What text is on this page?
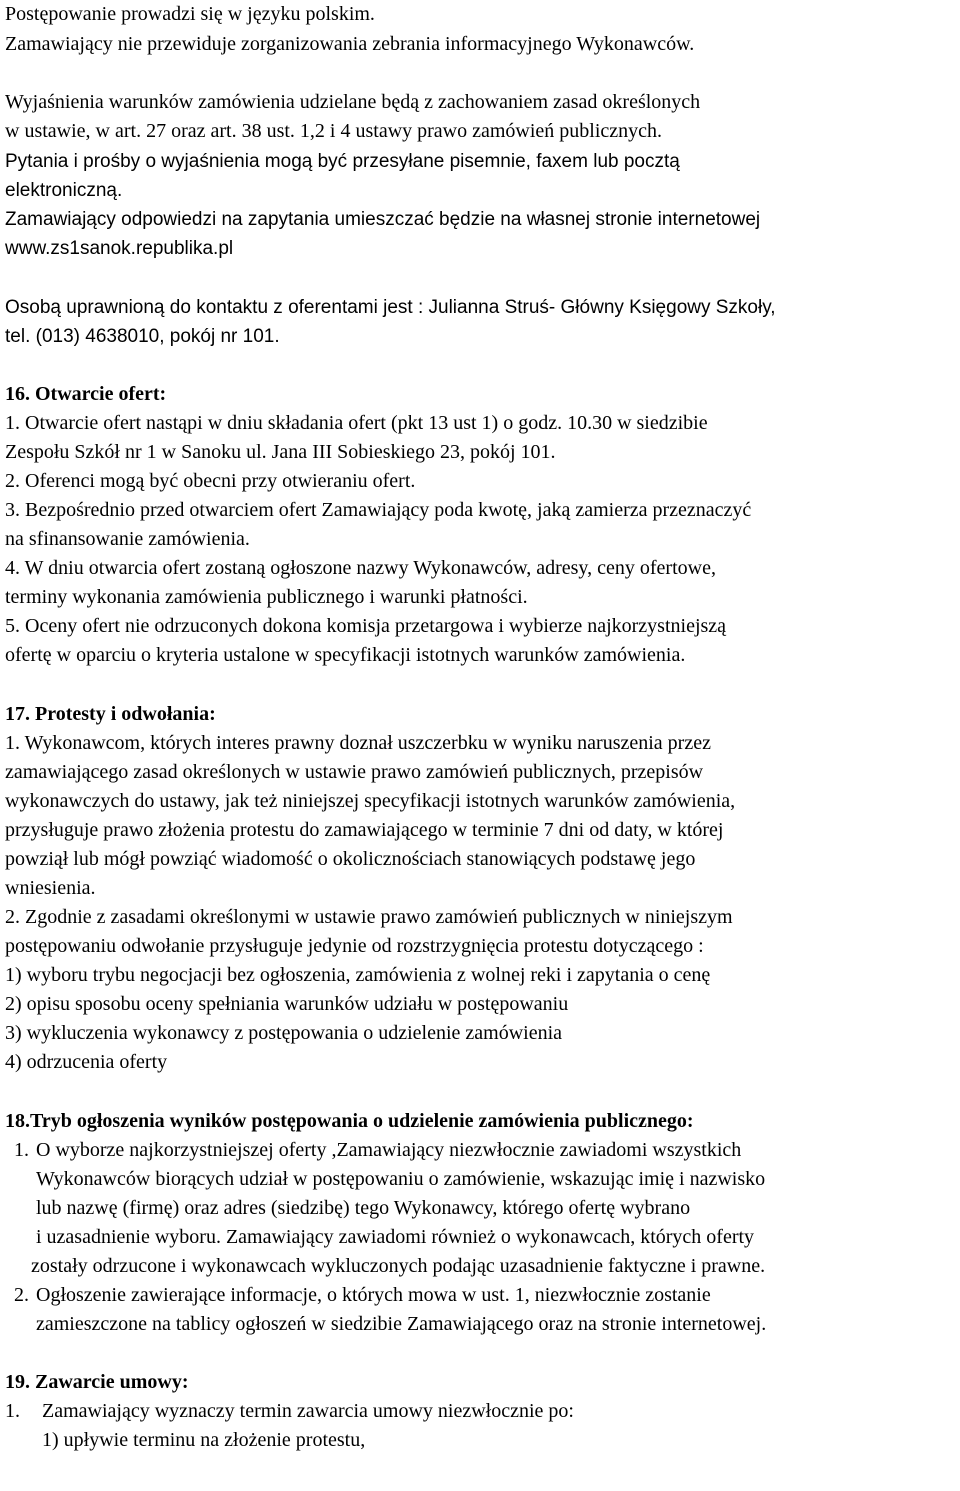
Postępowanie prowadzi się w języku polskim.
Zamawiający nie przewiduje zorganizowania zebrania informacyjnego Wykonawców.
Wyjaśnienia warunków zamówienia udzielane będą z zachowaniem zasad określonych
w ustawie, w art. 27 oraz art. 38 ust. 1,2 i 4 ustawy prawo zamówień publicznych.
Pytania i prośby o wyjaśnienia mogą być przesyłane pisemnie, faxem lub pocztą
elektroniczną.
Zamawiający odpowiedzi na zapytania umieszczać będzie na własnej stronie internetowej
www.zs1sanok.republika.pl
Osobą uprawnioną do kontaktu z oferentami jest : Julianna Struś- Główny Księgowy Szkoły,
tel. (013) 4638010, pokój nr 101.
16. Otwarcie ofert:
1. Otwarcie ofert nastąpi w dniu składania ofert (pkt 13 ust 1) o godz. 10.30 w siedzibie
Zespołu Szkół nr 1 w Sanoku ul. Jana III Sobieskiego 23, pokój 101.
2. Oferenci mogą być obecni przy otwieraniu ofert.
3. Bezpośrednio przed otwarciem ofert Zamawiający poda kwotę, jaką zamierza przeznaczyć
na sfinansowanie zamówienia.
4. W dniu otwarcia ofert zostaną ogłoszone nazwy Wykonawców, adresy, ceny ofertowe,
terminy wykonania zamówienia publicznego i warunki płatności.
5. Oceny ofert nie odrzuconych dokona komisja przetargowa i wybierze najkorzystniejszą
ofertę w oparciu o kryteria ustalone w specyfikacji istotnych warunków zamówienia.
17. Protesty i odwołania:
1. Wykonawcom, których interes prawny doznał uszczerbku w wyniku naruszenia przez
zamawiającego zasad określonych w ustawie prawo zamówień publicznych, przepisów
wykonawczych do ustawy, jak też niniejszej specyfikacji istotnych warunków zamówienia,
przysługuje prawo złożenia protestu do zamawiającego w terminie 7 dni od daty, w której
powziął lub mógł powziąć wiadomość o okolicznościach stanowiących podstawę jego
wniesienia.
2. Zgodnie z zasadami określonymi w ustawie prawo zamówień publicznych w niniejszym
postępowaniu odwołanie przysługuje jedynie od rozstrzygnięcia protestu dotyczącego :
1) wyboru trybu negocjacji bez ogłoszenia, zamówienia z wolnej reki i zapytania o cenę
2) opisu sposobu oceny spełniania warunków udziału w postępowaniu
3) wykluczenia wykonawcy z postępowania o udzielenie zamówienia
4) odrzucenia oferty
18.Tryb ogłoszenia wyników postępowania o udzielenie zamówienia publicznego:
1. O wyborze najkorzystniejszej oferty ,Zamawiający niezwłocznie zawiadomi wszystkich
Wykonawców biorących udział w postępowaniu o zamówienie, wskazując imię i nazwisko
lub nazwę (firmę) oraz adres (siedzibę) tego Wykonawcy, którego ofertę wybrano
i uzasadnienie wyboru. Zamawiający zawiadomi również o wykonawcach, których oferty
zostały odrzucone i wykonawcach wykluczonych podając uzasadnienie faktyczne i prawne.
2. Ogłoszenie zawierające informacje, o których mowa w ust. 1, niezwłocznie zostanie
zamieszczone na tablicy ogłoszeń w siedzibie Zamawiającego oraz na stronie internetowej.
19. Zawarcie umowy:
1. Zamawiający wyznaczy termin zawarcia umowy niezwłocznie po:
1) upływie terminu na złożenie protestu,
